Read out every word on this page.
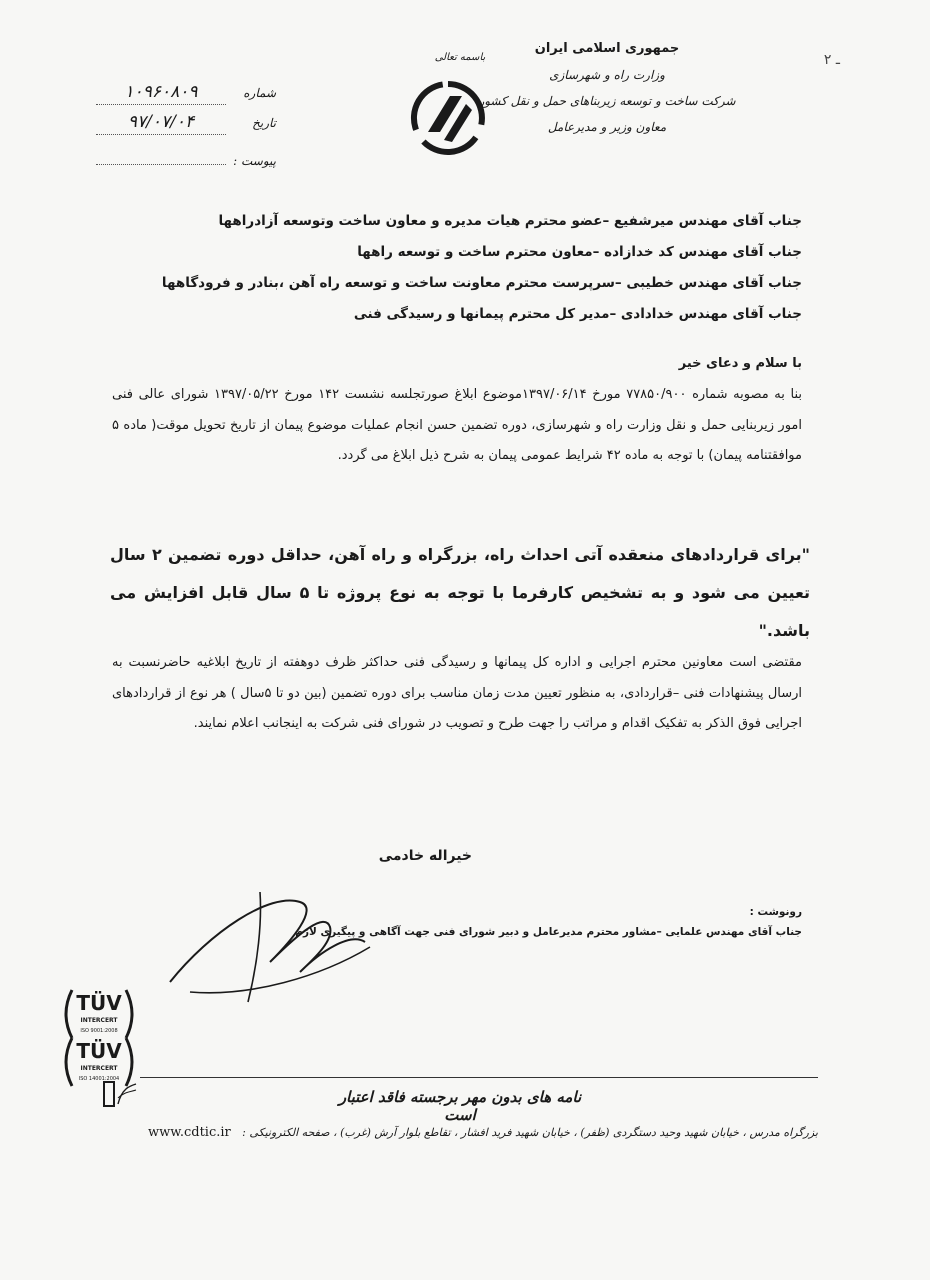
جمهوری اسلامی ایران
وزارت راه و شهرسازی
شرکت ساخت و توسعه زیربناهای حمل و نقل کشور
معاون وزیر و مدیرعامل
ـ ۲
باسمه تعالی
شماره
۱۰۹۶۰۸۰۹
تاریخ
۹۷/۰۷/۰۴
پیوست :
جناب آقای مهندس میرشفیع –عضو محترم هیات مدیره و معاون ساخت وتوسعه آزادراهها
جناب آقای مهندس کد خدازاده –معاون محترم ساخت و توسعه راهها
جناب آقای مهندس خطیبی –سرپرست محترم معاونت ساخت و توسعه راه آهن ،بنادر و فرودگاهها
جناب آقای مهندس خدادادی –مدیر کل محترم پیمانها و رسیدگی فنی
با سلام و دعای خیر
بنا به مصوبه شماره ۷۷۸۵۰/۹۰۰ مورخ ۱۳۹۷/۰۶/۱۴موضوع ابلاغ صورتجلسه نشست ۱۴۲ مورخ ۱۳۹۷/۰۵/۲۲ شورای عالی فنی امور زیربنایی حمل و نقل وزارت راه و شهرسازی، دوره تضمین حسن انجام عملیات موضوع پیمان از تاریخ تحویل موقت( ماده ۵ موافقتنامه پیمان) با توجه به ماده ۴۲ شرایط عمومی پیمان به شرح ذیل ابلاغ می گردد.
"برای قراردادهای منعقده آتی احداث راه، بزرگراه و راه آهن، حداقل دوره تضمین ۲ سال تعیین می شود و به تشخیص کارفرما با توجه به نوع پروژه تا ۵ سال قابل افزایش می باشد."
مقتضی است معاونین محترم اجرایی و اداره کل پیمانها و رسیدگی فنی حداکثر ظرف دوهفته از تاریخ ابلاغیه حاضرنسبت به ارسال پیشنهادات فنی –قراردادی، به منظور تعیین مدت زمان مناسب برای دوره تضمین (بین دو تا ۵سال ) هر نوع از قراردادهای اجرایی فوق الذکر به تفکیک اقدام و مراتب را جهت طرح و تصویب در شورای فنی شرکت به اینجانب اعلام نمایند.
خیراله خادمی
رونوشت :
جناب آقای مهندس علمایی –مشاور محترم مدیرعامل و دبیر شورای فنی جهت آگاهی و پیگیری لازم
TÜV
INTERCERT
ISO 9001:2008
TÜV
INTERCERT
ISO 14001:2004
نامه های بدون مهر برجسته فاقد اعتبار است
بزرگراه مدرس ، خیابان شهید وحید دستگردی (ظفر) ، خیابان شهید فرید افشار ، تقاطع بلوار آرش (غرب) ، صفحه الکترونیکی :
www.cdtic.ir
